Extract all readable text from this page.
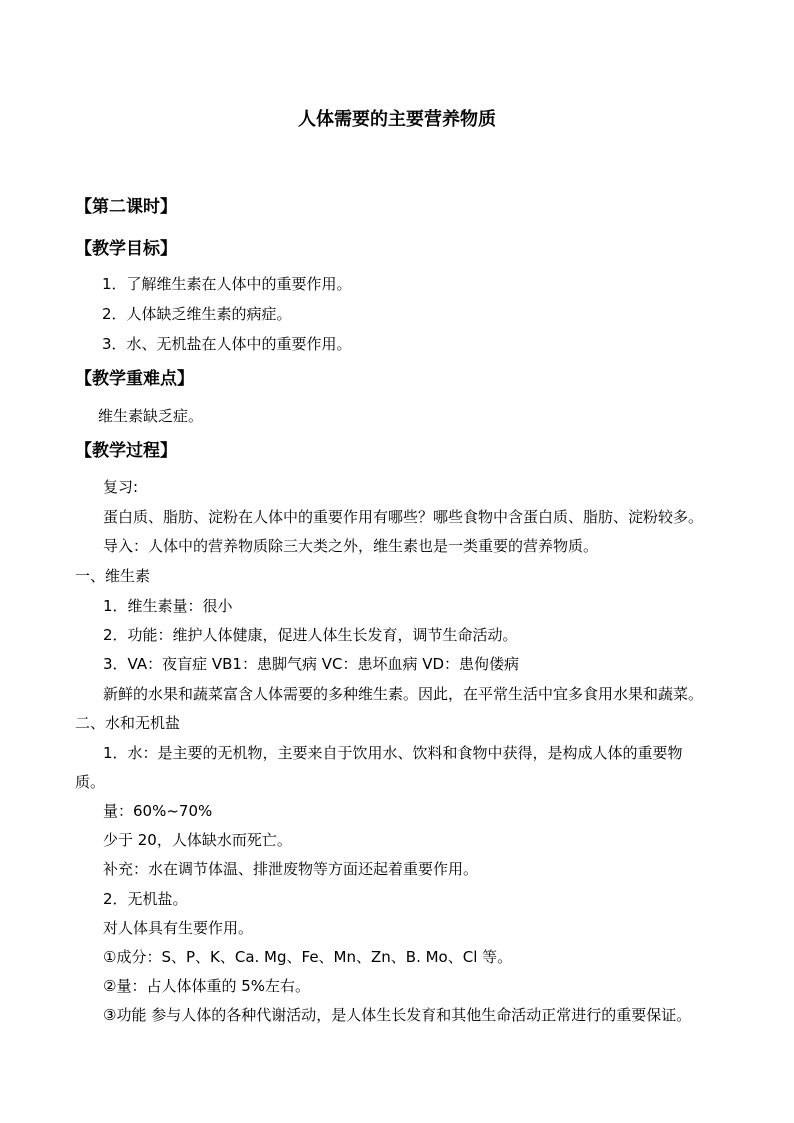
人体需要的主要营养物质
【第二课时】
【教学目标】
1．了解维生素在人体中的重要作用。
2．人体缺乏维生素的病症。
3．水、无机盐在人体中的重要作用。
【教学重难点】
维生素缺乏症。
【教学过程】
复习:
蛋白质、脂肪、淀粉在人体中的重要作用有哪些？哪些食物中含蛋白质、脂肪、淀粉较多。
导入：人体中的营养物质除三大类之外，维生素也是一类重要的营养物质。
一、维生素
1．维生素量：很小
2．功能：维护人体健康，促进人体生长发育，调节生命活动。
3．VA：夜盲症 VB1：患脚气病 VC：患坏血病 VD：患佝偻病
新鲜的水果和蔬菜富含人体需要的多种维生素。因此，在平常生活中宜多食用水果和蔬菜。
二、水和无机盐
1．水：是主要的无机物，主要来自于饮用水、饮料和食物中获得，是构成人体的重要物
质。
量：60%~70%
少于 20，人体缺水而死亡。
补充：水在调节体温、排泄废物等方面还起着重要作用。
2．无机盐。
对人体具有生要作用。
①成分：S、P、K、Ca. Mg、Fe、Mn、Zn、B. Mo、Cl 等。
②量：占人体体重的 5%左右。
③功能 参与人体的各种代谢活动，是人体生长发育和其他生命活动正常进行的重要保证。
